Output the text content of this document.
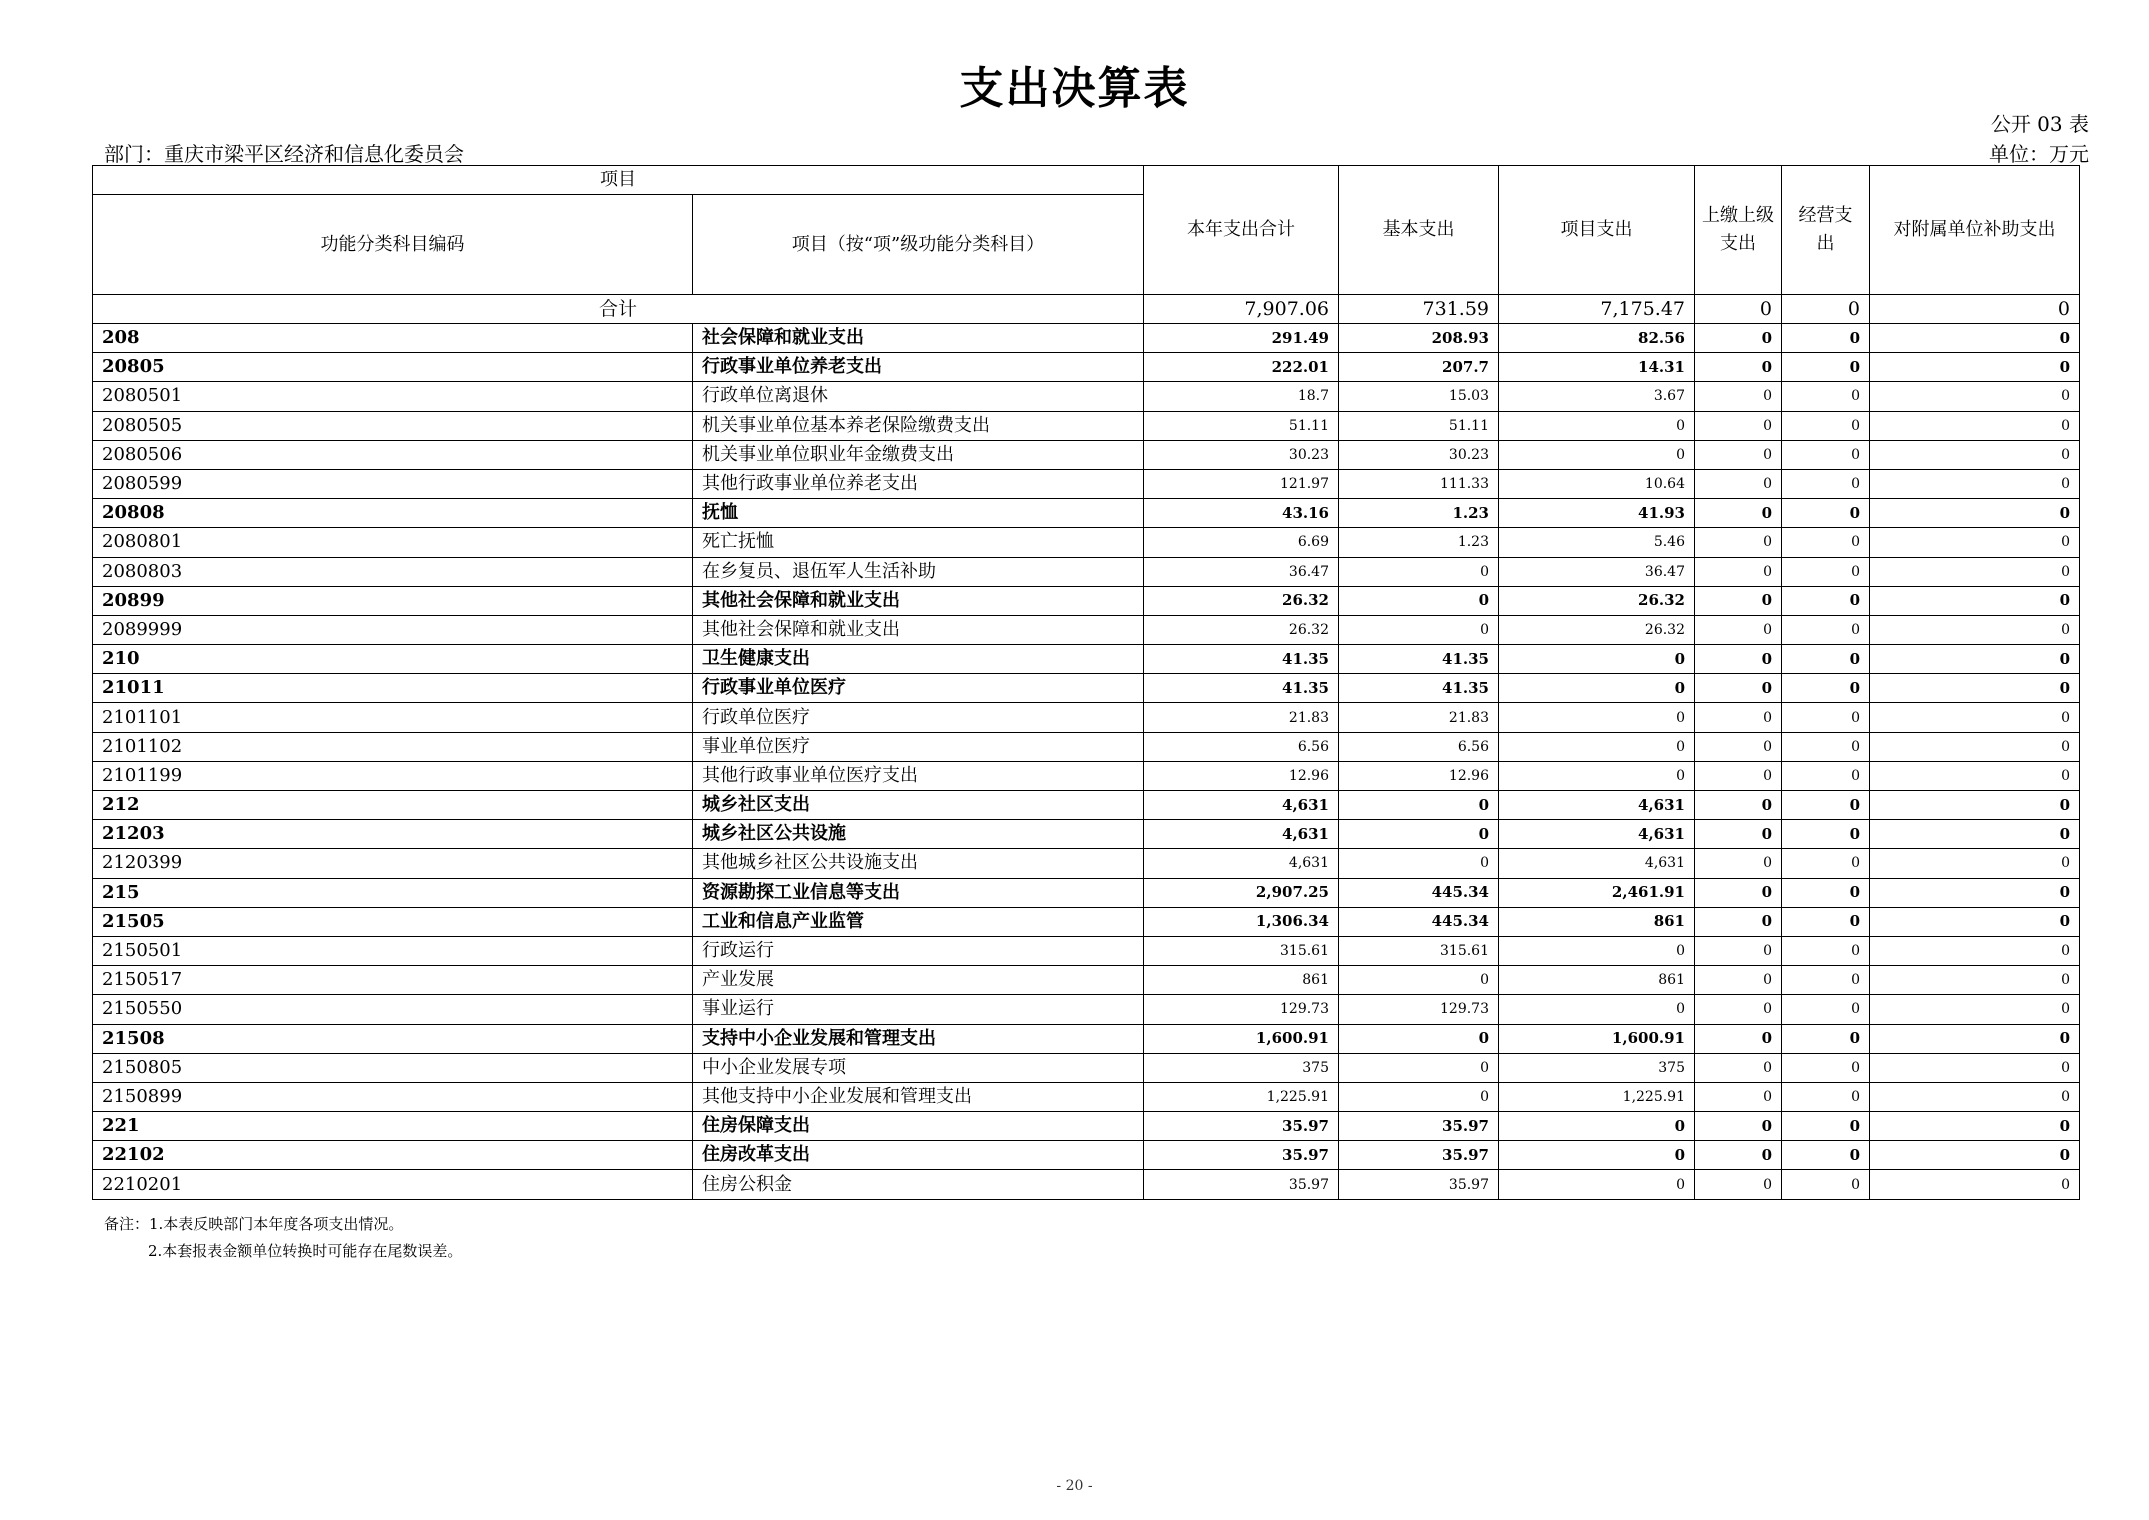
支出决算表
公开 03 表
部门：重庆市梁平区经济和信息化委员会	单位：万元
项目		本年支出合计	基本支出	项目支出	上缴上级支出	经营支出	对附属单位补助支出
功能分类科目编码	项目（按“项”级功能分类科目）						

合计		7,907.06	731.59	7,175.47	0	0	0
208	社会保障和就业支出	291.49	208.93	82.56	0	0	0
20805	行政事业单位养老支出	222.01	207.7	14.31	0	0	0
2080501	行政单位离退休	18.7	15.03	3.67	0	0	0
2080505	机关事业单位基本养老保险缴费支出	51.11	51.11	0	0	0	0
2080506	机关事业单位职业年金缴费支出	30.23	30.23	0	0	0	0
2080599	其他行政事业单位养老支出	121.97	111.33	10.64	0	0	0
20808	抚恤	43.16	1.23	41.93	0	0	0
2080801	死亡抚恤	6.69	1.23	5.46	0	0	0
2080803	在乡复员、退伍军人生活补助	36.47	0	36.47	0	0	0
20899	其他社会保障和就业支出	26.32	0	26.32	0	0	0
2089999	其他社会保障和就业支出	26.32	0	26.32	0	0	0
210	卫生健康支出	41.35	41.35	0	0	0	0
21011	行政事业单位医疗	41.35	41.35	0	0	0	0
2101101	行政单位医疗	21.83	21.83	0	0	0	0
2101102	事业单位医疗	6.56	6.56	0	0	0	0
2101199	其他行政事业单位医疗支出	12.96	12.96	0	0	0	0
212	城乡社区支出	4,631	0	4,631	0	0	0
21203	城乡社区公共设施	4,631	0	4,631	0	0	0
2120399	其他城乡社区公共设施支出	4,631	0	4,631	0	0	0
215	资源勘探工业信息等支出	2,907.25	445.34	2,461.91	0	0	0
21505	工业和信息产业监管	1,306.34	445.34	861	0	0	0
2150501	行政运行	315.61	315.61	0	0	0	0
2150517	产业发展	861	0	861	0	0	0
2150550	事业运行	129.73	129.73	0	0	0	0
21508	支持中小企业发展和管理支出	1,600.91	0	1,600.91	0	0	0
2150805	中小企业发展专项	375	0	375	0	0	0
2150899	其他支持中小企业发展和管理支出	1,225.91	0	1,225.91	0	0	0
221	住房保障支出	35.97	35.97	0	0	0	0
22102	住房改革支出	35.97	35.97	0	0	0	0
2210201	住房公积金	35.97	35.97	0	0	0	0
备注：1.本表反映部门本年度各项支出情况。
2.本套报表金额单位转换时可能存在尾数误差。
- 20 -
